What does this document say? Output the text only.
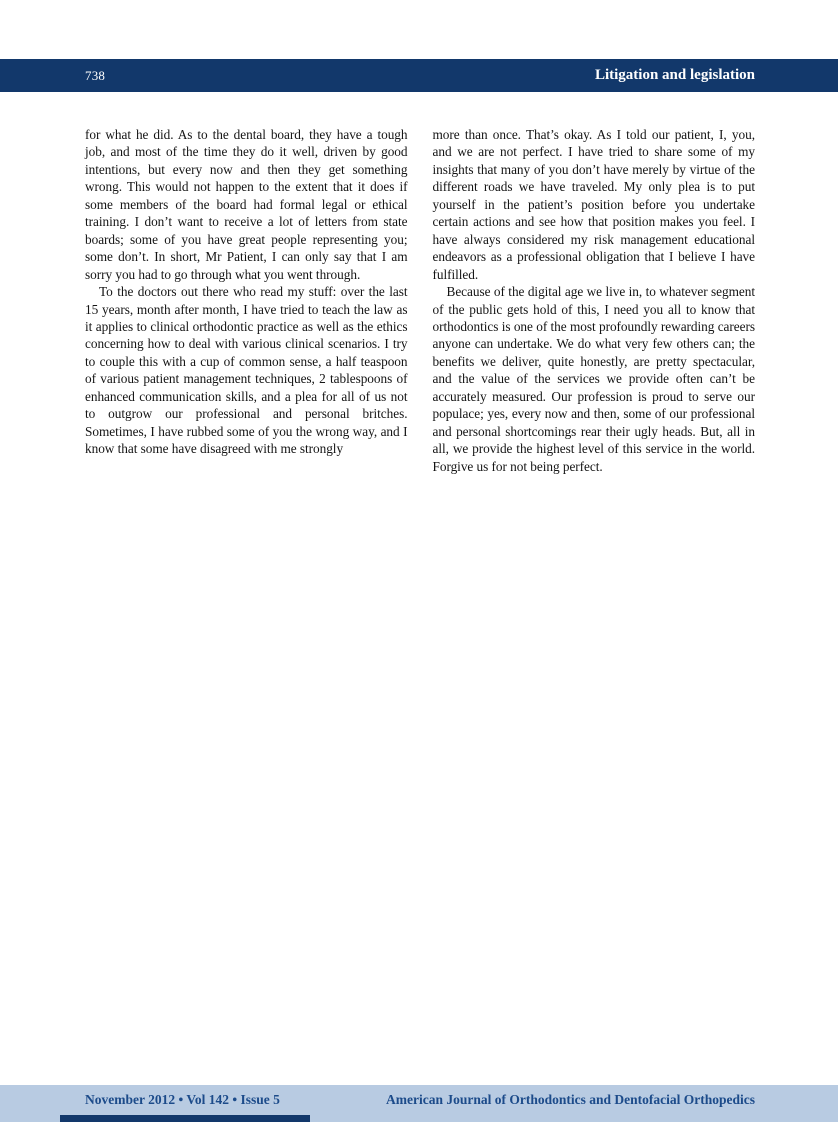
738	Litigation and legislation

for what he did. As to the dental board, they have a tough job, and most of the time they do it well, driven by good intentions, but every now and then they get something wrong. This would not happen to the extent that it does if some members of the board had formal legal or ethical training. I don’t want to receive a lot of letters from state boards; some of you have great people representing you; some don’t. In short, Mr Patient, I can only say that I am sorry you had to go through what you went through.

To the doctors out there who read my stuff: over the last 15 years, month after month, I have tried to teach the law as it applies to clinical orthodontic practice as well as the ethics concerning how to deal with various clinical scenarios. I try to couple this with a cup of common sense, a half teaspoon of various patient management techniques, 2 tablespoons of enhanced communication skills, and a plea for all of us not to outgrow our professional and personal britches. Sometimes, I have rubbed some of you the wrong way, and I know that some have disagreed with me strongly

more than once. That’s okay. As I told our patient, I, you, and we are not perfect. I have tried to share some of my insights that many of you don’t have merely by virtue of the different roads we have traveled. My only plea is to put yourself in the patient’s position before you undertake certain actions and see how that position makes you feel. I have always considered my risk management educational endeavors as a professional obligation that I believe I have fulfilled.

Because of the digital age we live in, to whatever segment of the public gets hold of this, I need you all to know that orthodontics is one of the most profoundly rewarding careers anyone can undertake. We do what very few others can; the benefits we deliver, quite honestly, are pretty spectacular, and the value of the services we provide often can’t be accurately measured. Our profession is proud to serve our populace; yes, every now and then, some of our professional and personal shortcomings rear their ugly heads. But, all in all, we provide the highest level of this service in the world. Forgive us for not being perfect.

November 2012 • Vol 142 • Issue 5	American Journal of Orthodontics and Dentofacial Orthopedics
